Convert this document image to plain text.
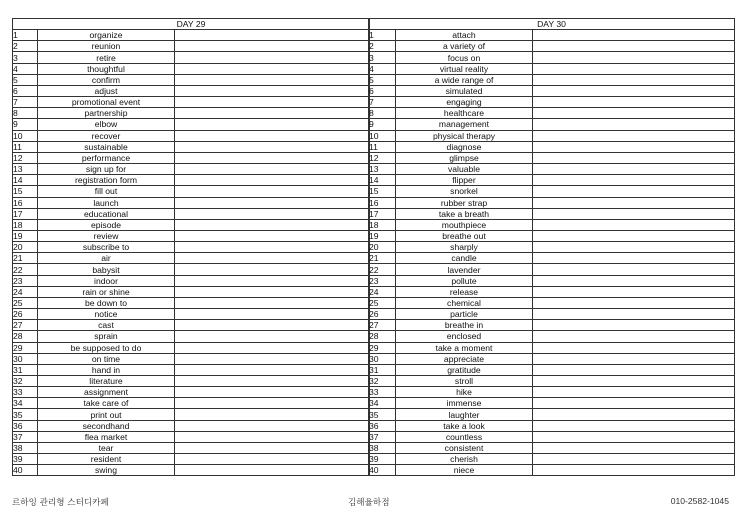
DAY 29		
1	organize	
2	reunion	
3	retire	
4	thoughtful	
5	confirm	
6	adjust	
7	promotional event	
8	partnership	
9	elbow	
10	recover	
11	sustainable	
12	performance	
13	sign up for	
14	registration form	
15	fill out	
16	launch	
17	educational	
18	episode	
19	review	
20	subscribe to	
21	air	
22	babysit	
23	indoor	
24	rain or shine	
25	be down to	
26	notice	
27	cast	
28	sprain	
29	be supposed to do	
30	on time	
31	hand in	
32	literature	
33	assignment	
34	take care of	
35	print out	
36	secondhand	
37	flea market	
38	tear	
39	resident	
40	swing	
DAY 30		
1	attach	
2	a variety of	
3	focus on	
4	virtual reality	
5	a wide range of	
6	simulated	
7	engaging	
8	healthcare	
9	management	
10	physical therapy	
11	diagnose	
12	glimpse	
13	valuable	
14	flipper	
15	snorkel	
16	rubber strap	
17	take a breath	
18	mouthpiece	
19	breathe out	
20	sharply	
21	candle	
22	lavender	
23	pollute	
24	release	
25	chemical	
26	particle	
27	breathe in	
28	enclosed	
29	take a moment	
30	appreciate	
31	gratitude	
32	stroll	
33	hike	
34	immense	
35	laughter	
36	take a look	
37	countless	
38	consistent	
39	cherish	
40	niece	
르하잉 관리형 스터디카페	김해율하점	010-2582-1045
